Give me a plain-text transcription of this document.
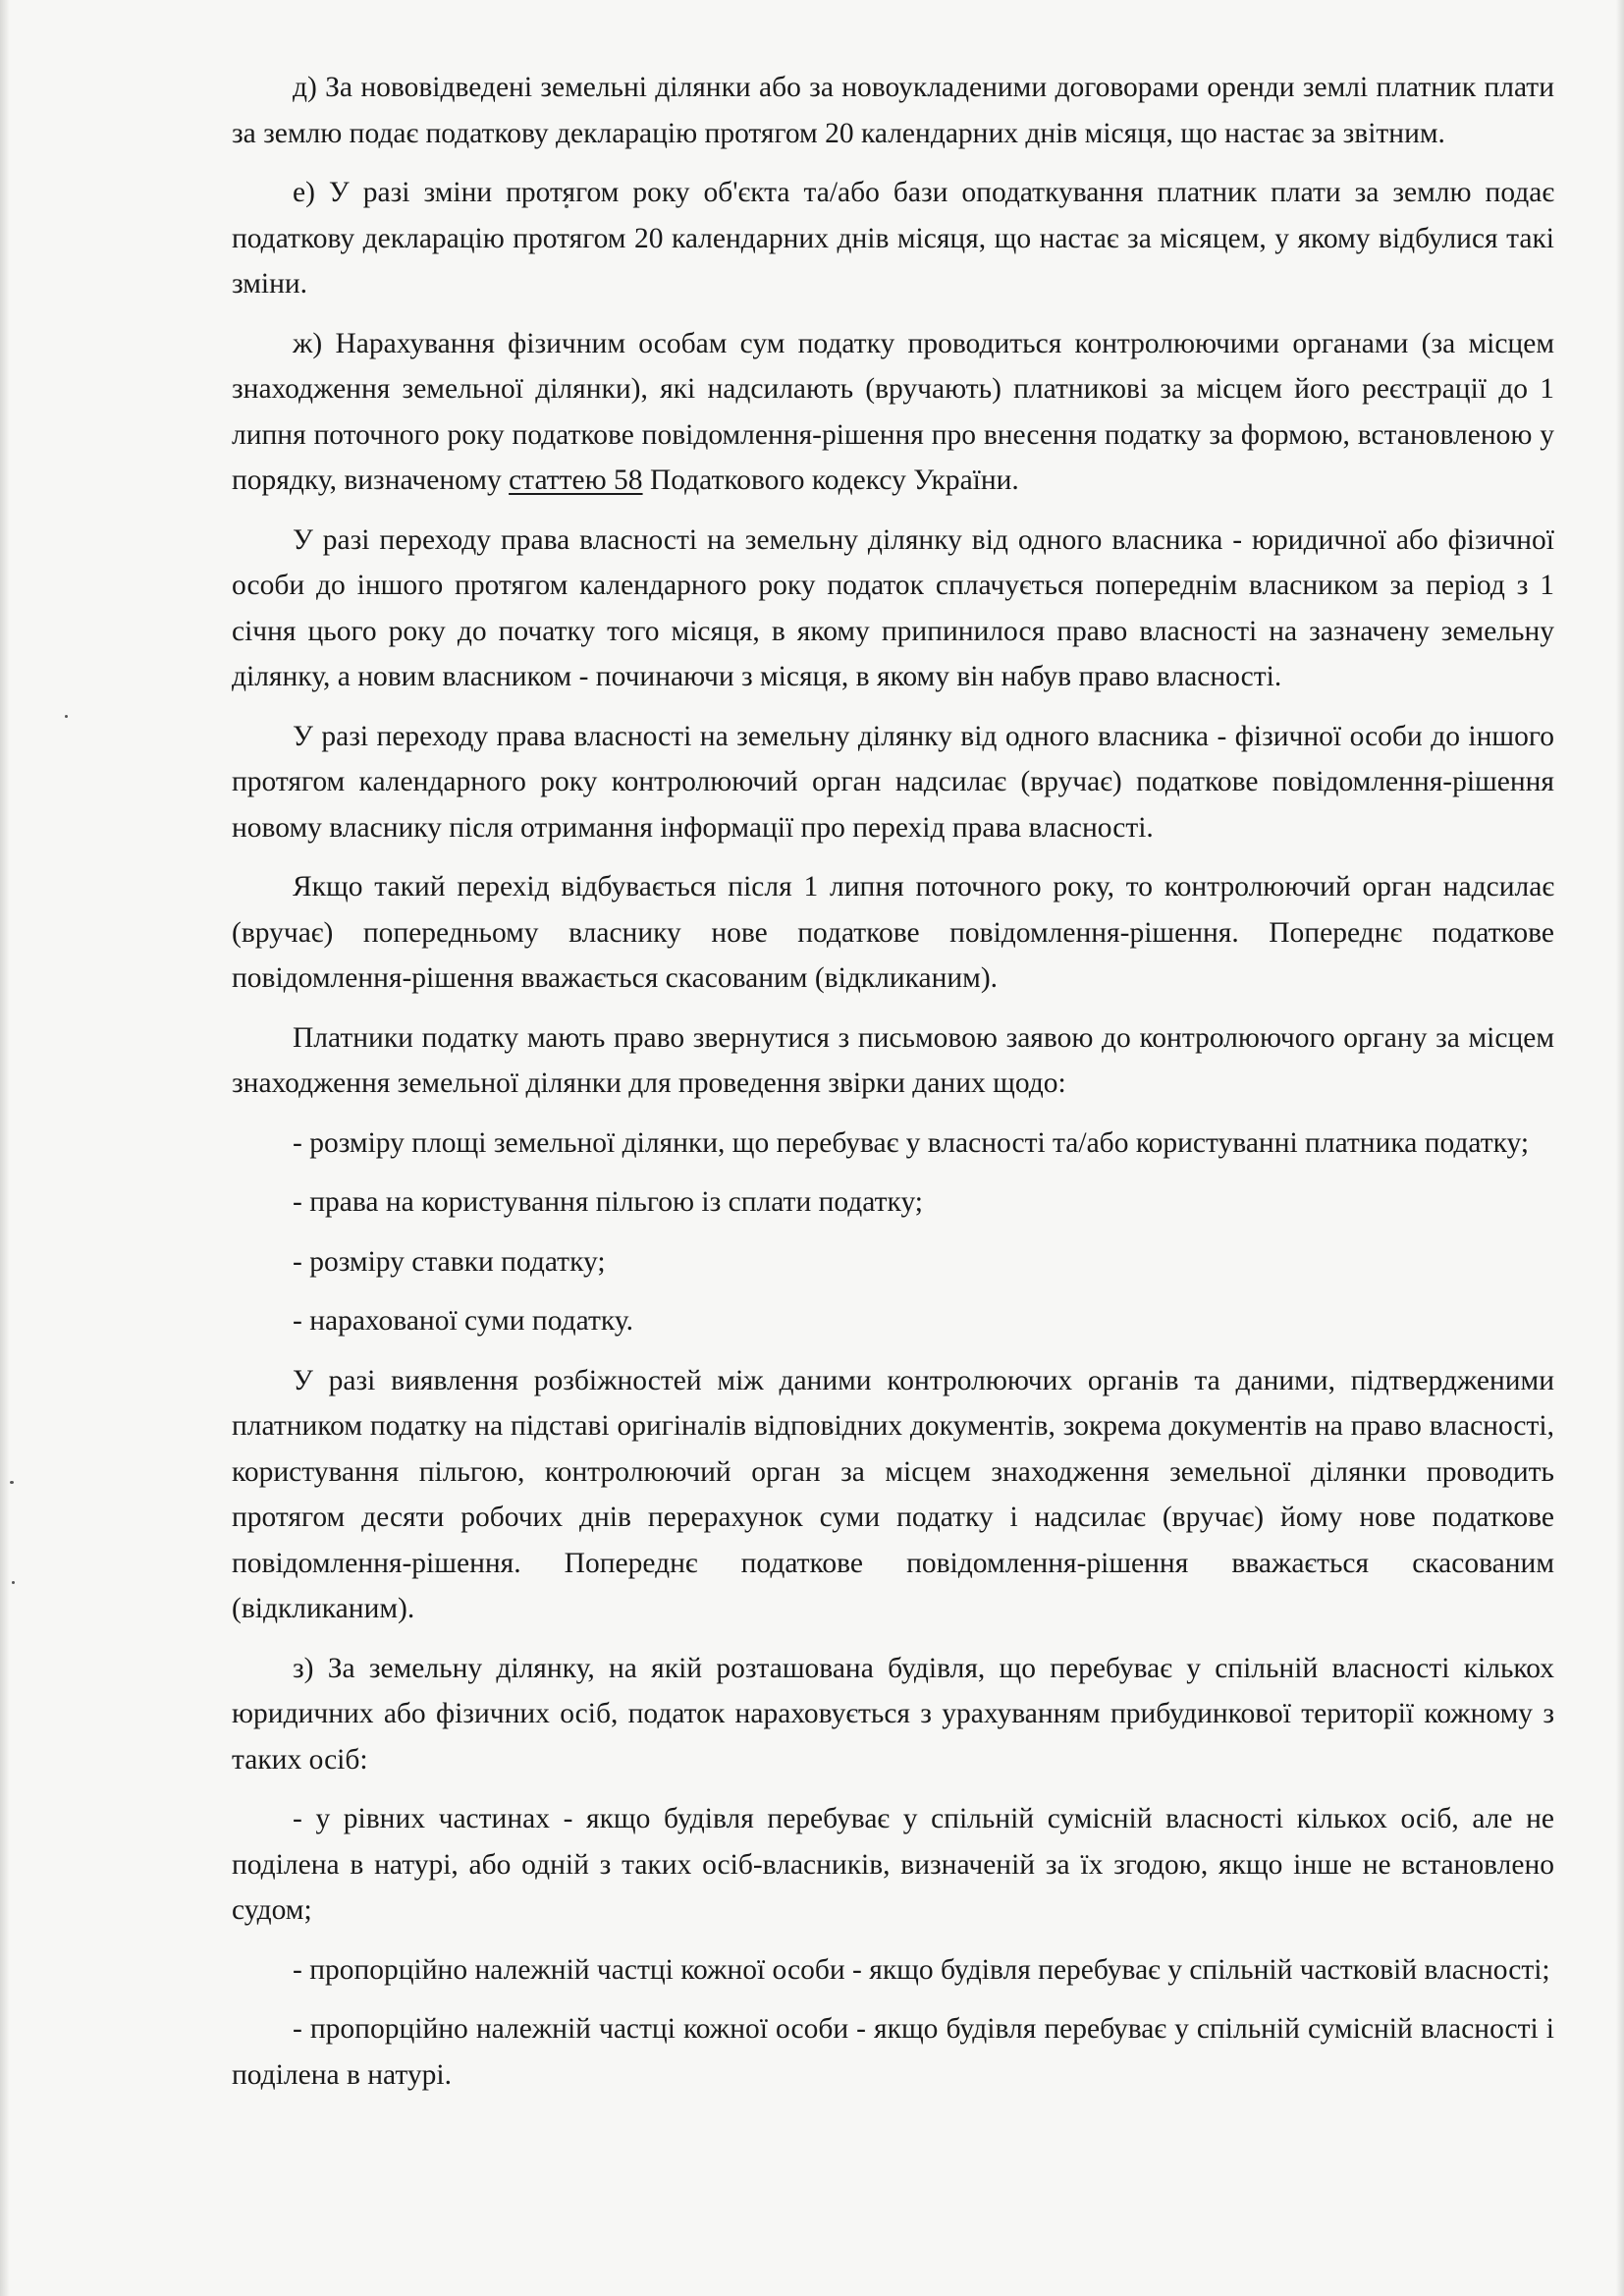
д) За нововідведені земельні ділянки або за новоукладеними договорами оренди землі платник плати за землю подає податкову декларацію протягом 20 календарних днів місяця, що настає за звітним.

е) У разі зміни протягом року об'єкта та/або бази оподаткування платник плати за землю подає податкову декларацію протягом 20 календарних днів місяця, що настає за місяцем, у якому відбулися такі зміни.

ж) Нарахування фізичним особам сум податку проводиться контролюючими органами (за місцем знаходження земельної ділянки), які надсилають (вручають) платникові за місцем його реєстрації до 1 липня поточного року податкове повідомлення-рішення про внесення податку за формою, встановленою у порядку, визначеному статтею 58 Податкового кодексу України.

У разі переходу права власності на земельну ділянку від одного власника - юридичної або фізичної особи до іншого протягом календарного року податок сплачується попереднім власником за період з 1 січня цього року до початку того місяця, в якому припинилося право власності на зазначену земельну ділянку, а новим власником - починаючи з місяця, в якому він набув право власності.

У разі переходу права власності на земельну ділянку від одного власника - фізичної особи до іншого протягом календарного року контролюючий орган надсилає (вручає) податкове повідомлення-рішення новому власнику після отримання інформації про перехід права власності.

Якщо такий перехід відбувається після 1 липня поточного року, то контролюючий орган надсилає (вручає) попередньому власнику нове податкове повідомлення-рішення. Попереднє податкове повідомлення-рішення вважається скасованим (відкликаним).

Платники податку мають право звернутися з письмовою заявою до контролюючого органу за місцем знаходження земельної ділянки для проведення звірки даних щодо:

- розміру площі земельної ділянки, що перебуває у власності та/або користуванні платника податку;

- права на користування пільгою із сплати податку;

- розміру ставки податку;

- нарахованої суми податку.

У разі виявлення розбіжностей між даними контролюючих органів та даними, підтвердженими платником податку на підставі оригіналів відповідних документів, зокрема документів на право власності, користування пільгою, контролюючий орган за місцем знаходження земельної ділянки проводить протягом десяти робочих днів перерахунок суми податку і надсилає (вручає) йому нове податкове повідомлення-рішення. Попереднє податкове повідомлення-рішення вважається скасованим (відкликаним).

з) За земельну ділянку, на якій розташована будівля, що перебуває у спільній власності кількох юридичних або фізичних осіб, податок нараховується з урахуванням прибудинкової території кожному з таких осіб:

- у рівних частинах - якщо будівля перебуває у спільній сумісній власності кількох осіб, але не поділена в натурі, або одній з таких осіб-власників, визначеній за їх згодою, якщо інше не встановлено судом;

- пропорційно належній частці кожної особи - якщо будівля перебуває у спільній частковій власності;

- пропорційно належній частці кожної особи - якщо будівля перебуває у спільній сумісній власності і поділена в натурі.
